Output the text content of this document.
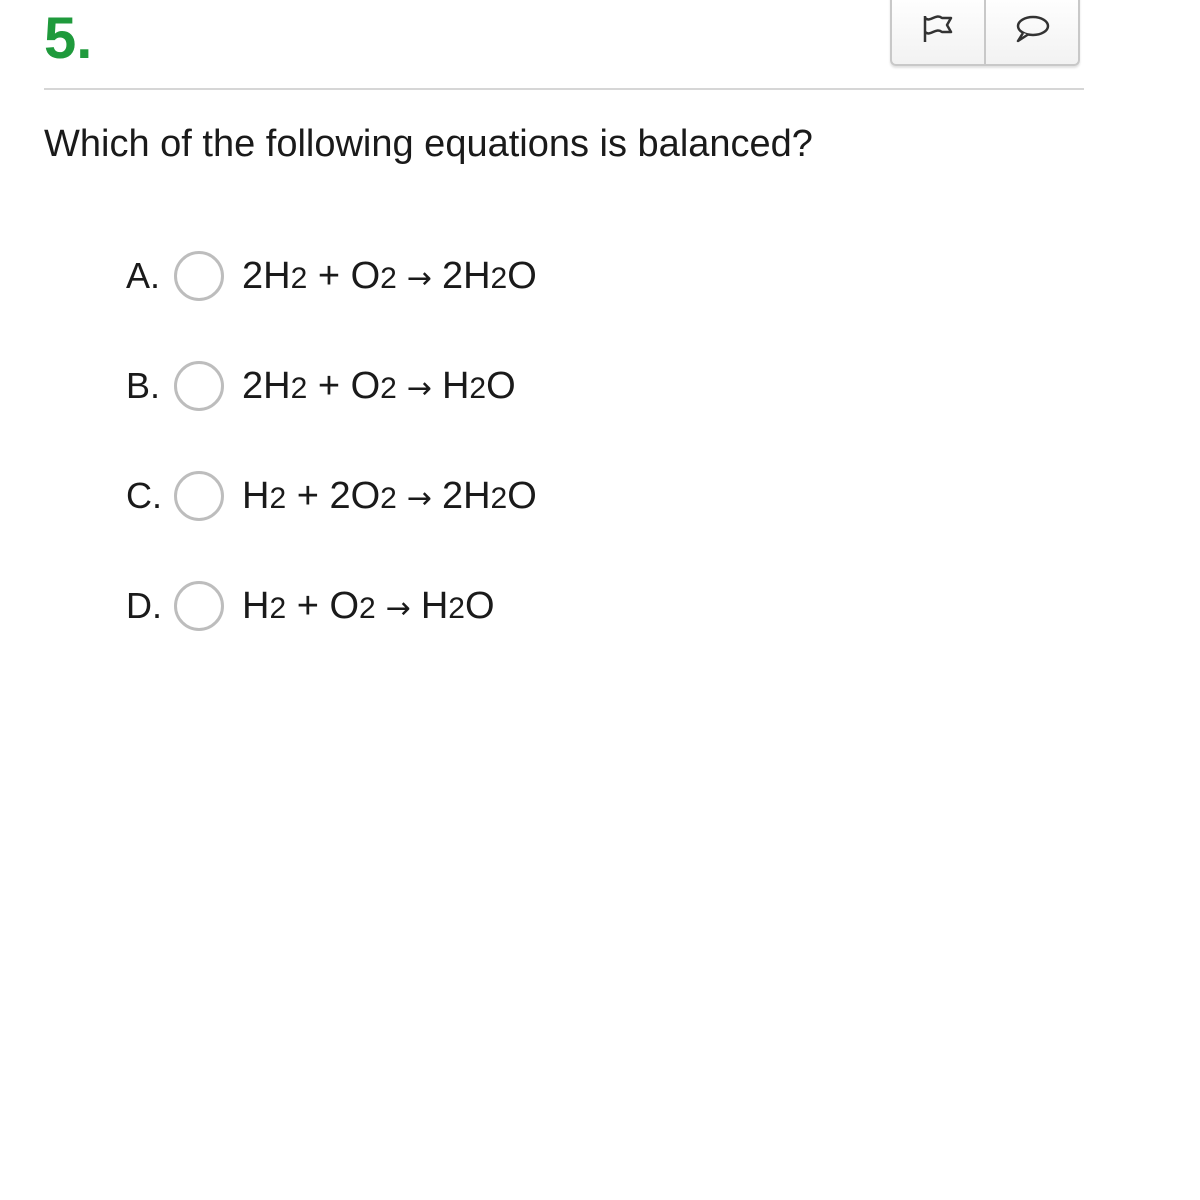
5.
Which of the following equations is balanced?
A.	2H 2 + O 2 → 2H 2 O
B.	2H 2 + O 2 → H 2 O
C.	H 2 + 2O 2 → 2H 2 O
D.	H 2 + O 2 → H 2 O
